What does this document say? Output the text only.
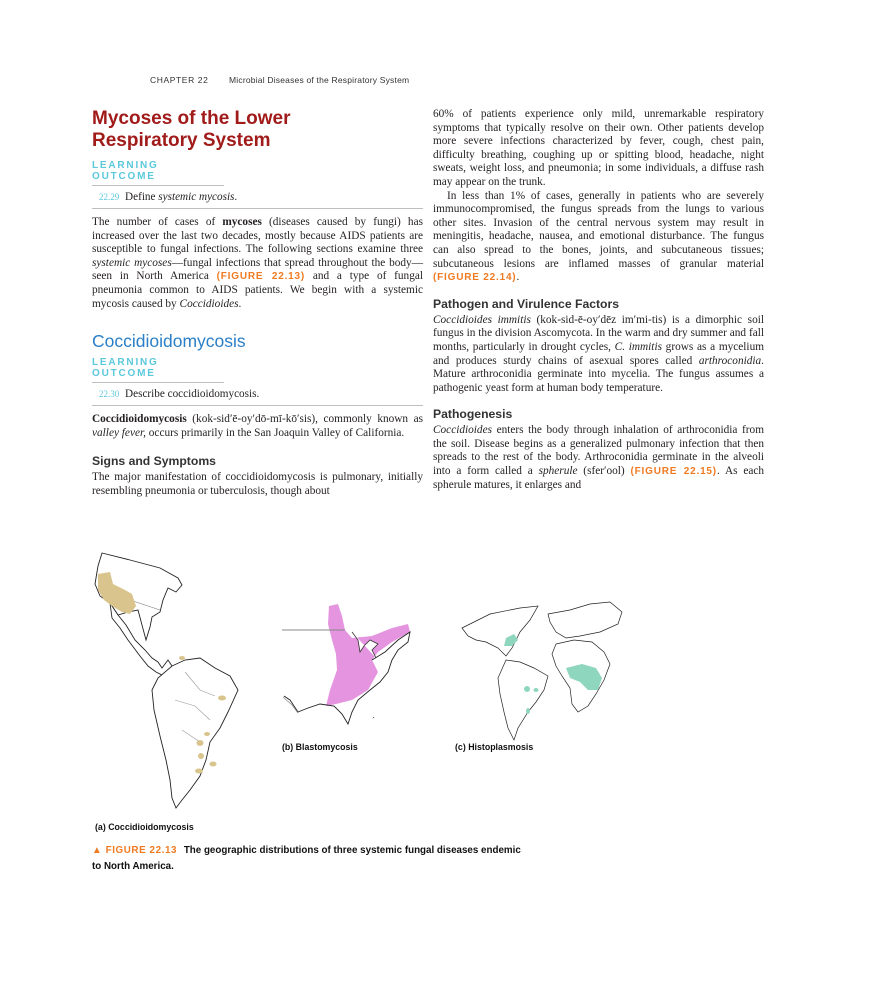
CHAPTER 22 Microbial Diseases of the Respiratory System
Mycoses of the Lower
Respiratory System
LEARNING OUTCOME
22.29 Define systemic mycosis.

The number of cases of mycoses (diseases caused by fungi) has increased over the last two decades, mostly because AIDS patients are susceptible to fungal infections. The following sections examine three systemic mycoses—fungal infections that spread throughout the body—seen in North America (FIGURE 22.13) and a type of fungal pneumonia common to AIDS patients. We begin with a systemic mycosis caused by Coccidioides.

Coccidioidomycosis
LEARNING OUTCOME
22.30 Describe coccidioidomycosis.

Coccidioidomycosis (kok-sid′ē-oy′dō-mī-kō′sis), commonly known as valley fever, occurs primarily in the San Joaquin Valley of California.

Signs and Symptoms

The major manifestation of coccidioidomycosis is pulmonary, initially resembling pneumonia or tuberculosis, though about

60% of patients experience only mild, unremarkable respiratory symptoms that typically resolve on their own. Other patients develop more severe infections characterized by fever, cough, chest pain, difficulty breathing, coughing up or spitting blood, headache, night sweats, weight loss, and pneumonia; in some individuals, a diffuse rash may appear on the trunk.

In less than 1% of cases, generally in patients who are severely immunocompromised, the fungus spreads from the lungs to various other sites. Invasion of the central nervous system may result in meningitis, headache, nausea, and emotional disturbance. The fungus can also spread to the bones, joints, and subcutaneous tissues; subcutaneous lesions are inflamed masses of granular material (FIGURE 22.14).

Pathogen and Virulence Factors

Coccidioides immitis (kok-sid-ē-oy′dēz im′mi-tis) is a dimorphic soil fungus in the division Ascomycota. In the warm and dry summer and fall months, particularly in drought cycles, C. immitis grows as a mycelium and produces sturdy chains of asexual spores called arthroconidia. Mature arthroconidia germinate into mycelia. The fungus assumes a pathogenic yeast form at human body temperature.

Pathogenesis

Coccidioides enters the body through inhalation of arthroconidia from the soil. Disease begins as a generalized pulmonary infection that then spreads to the rest of the body. Arthroconidia germinate in the alveoli into a form called a spherule (sfer′ool) (FIGURE 22.15). As each spherule matures, it enlarges and

.•
(b) Blastomycosis	(c) Histoplasmosis
(a) Coccidioidomycosis
▲ FIGURE 22.13 The geographic distributions of three systemic fungal diseases endemic to North America.
